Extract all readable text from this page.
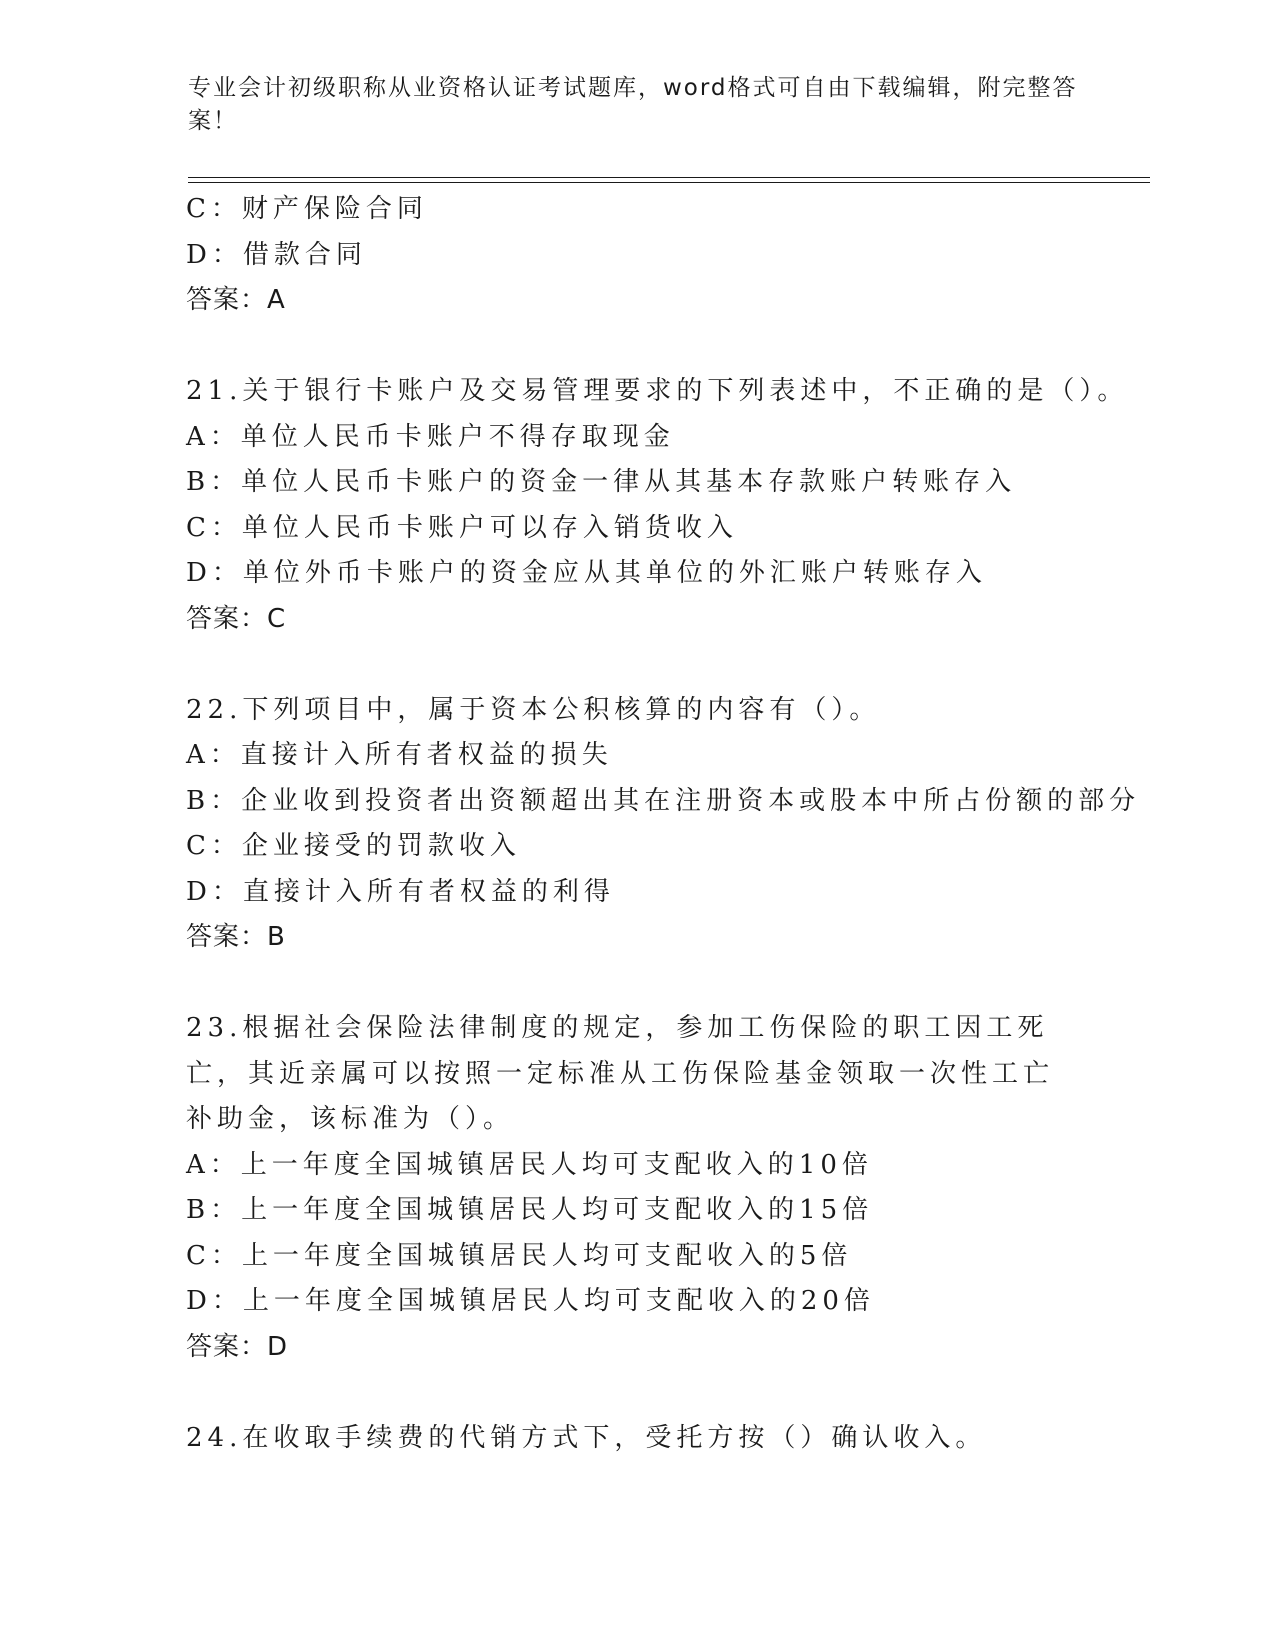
专业会计初级职称从业资格认证考试题库，word格式可自由下载编辑，附完整答案！
C：财产保险合同
D：借款合同
答案：A
21.关于银行卡账户及交易管理要求的下列表述中，不正确的是（）。
A：单位人民币卡账户不得存取现金
B：单位人民币卡账户的资金一律从其基本存款账户转账存入
C：单位人民币卡账户可以存入销货收入
D：单位外币卡账户的资金应从其单位的外汇账户转账存入
答案：C
22.下列项目中，属于资本公积核算的内容有（）。
A：直接计入所有者权益的损失
B：企业收到投资者出资额超出其在注册资本或股本中所占份额的部分
C：企业接受的罚款收入
D：直接计入所有者权益的利得
答案：B
23.根据社会保险法律制度的规定，参加工伤保险的职工因工死亡，其近亲属可以按照一定标准从工伤保险基金领取一次性工亡补助金，该标准为（）。
A：上一年度全国城镇居民人均可支配收入的10倍
B：上一年度全国城镇居民人均可支配收入的15倍
C：上一年度全国城镇居民人均可支配收入的5倍
D：上一年度全国城镇居民人均可支配收入的20倍
答案：D
24.在收取手续费的代销方式下，受托方按（）确认收入。
